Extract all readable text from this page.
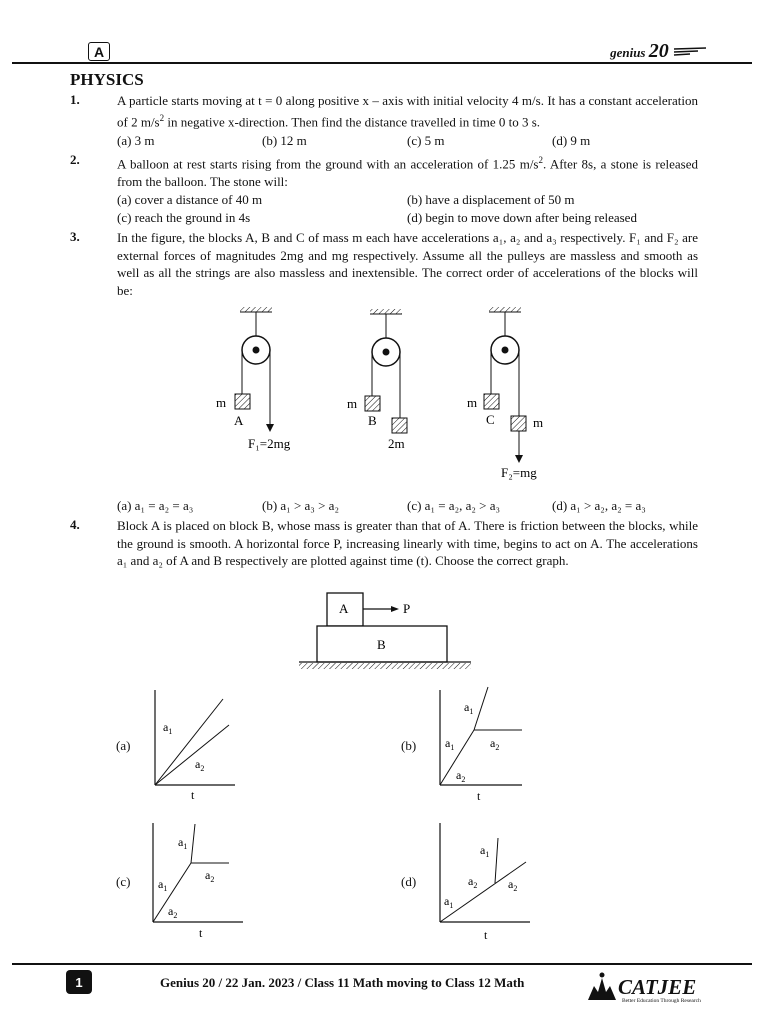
A	genius 20
PHYSICS
1.	A particle starts moving at t = 0 along positive x – axis with initial velocity 4 m/s. It has a constant acceleration of 2 $m/s^2$ in negative x-direction. Then find the distance travelled in time 0 to 3 s.
(a) 3 m	(b) 12 m	(c) 5 m	(d) 9 m
2.	A balloon at rest starts rising from the ground with an acceleration of 1.25 $m/s^2$. After 8s, a stone is released from the balloon. The stone will:
(a) cover a distance of 40 m	(b) have a displacement of 50 m
(c) reach the ground in 4s	(d) begin to move down after being released
3.	In the figure, the blocks A, B and C of mass m each have accelerations a₁, a₂ and a₃ respectively. F₁ and F₂ are external forces of magnitudes 2mg and mg respectively. Assume all the pulleys are massless and smooth as well as all the strings are also massless and inextensible. The correct order of accelerations of the blocks will be:
m
A
F₁=2mg
m
B
2m
m
C	m
F₂=mg
(a) a₁ = a₂ = a₃	(b) a₁ > a₃ > a₂	(c) a₁ = a₂, a₂ > a₃	(d) a₁ > a₂, a₂ = a₃
4.	Block A is placed on block B, whose mass is greater than that of A. There is friction between the blocks, while the ground is smooth. A horizontal force P, increasing linearly with time, begins to act on A. The accelerations a₁ and a₂ of A and B respectively are plotted against time (t). Choose the correct graph.
A
B
P
(a)
$a_1$
$a_2$
t
(b)
$a_1$
$a_1$	$a_2$
$a_2$
t
(c)
$a_1$
$a_1$
$a_2$
$a_2$
t
(d)
$a_1$
$a_2$	$a_2$
$a_1$
t
1	Genius 20 / 22 Jan. 2023 / Class 11 Math moving to Class 12 Math	CATJEE
Better Education Through Research
